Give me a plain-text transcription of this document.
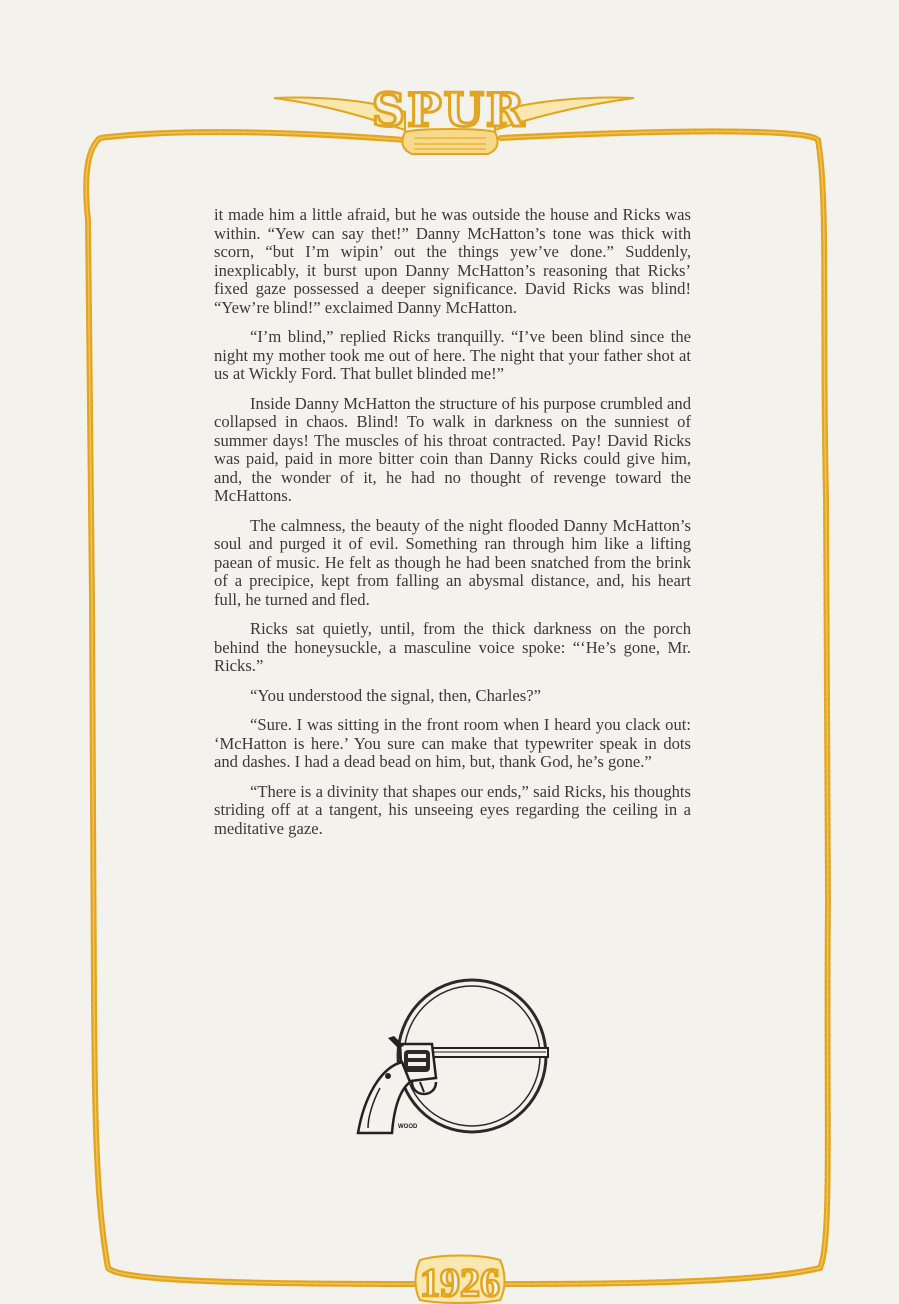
SPUR
1926

it made him a little afraid, but he was outside the house and Ricks was within. “Yew can say thet!” Danny McHatton’s tone was thick with scorn, “but I’m wipin’ out the things yew’ve done.” Suddenly, inexplicably, it burst upon Danny McHatton’s reasoning that Ricks’ fixed gaze possessed a deeper significance. David Ricks was blind! “Yew’re blind!” exclaimed Danny McHatton.

“I’m blind,” replied Ricks tranquilly. “I’ve been blind since the night my mother took me out of here. The night that your father shot at us at Wickly Ford. That bullet blinded me!”

Inside Danny McHatton the structure of his purpose crumbled and collapsed in chaos. Blind! To walk in darkness on the sunniest of summer days! The muscles of his throat contracted. Pay! David Ricks was paid, paid in more bitter coin than Danny Ricks could give him, and, the wonder of it, he had no thought of revenge toward the McHattons.

The calmness, the beauty of the night flooded Danny McHatton’s soul and purged it of evil. Something ran through him like a lifting paean of music. He felt as though he had been snatched from the brink of a precipice, kept from falling an abysmal distance, and, his heart full, he turned and fled.

Ricks sat quietly, until, from the thick darkness on the porch behind the honeysuckle, a masculine voice spoke: “‘He’s gone, Mr. Ricks.”

“You understood the signal, then, Charles?”

“Sure. I was sitting in the front room when I heard you clack out: ‘McHatton is here.’ You sure can make that typewriter speak in dots and dashes. I had a dead bead on him, but, thank God, he’s gone.”

“There is a divinity that shapes our ends,” said Ricks, his thoughts striding off at a tangent, his unseeing eyes regarding the ceiling in a meditative gaze.

WOOD
